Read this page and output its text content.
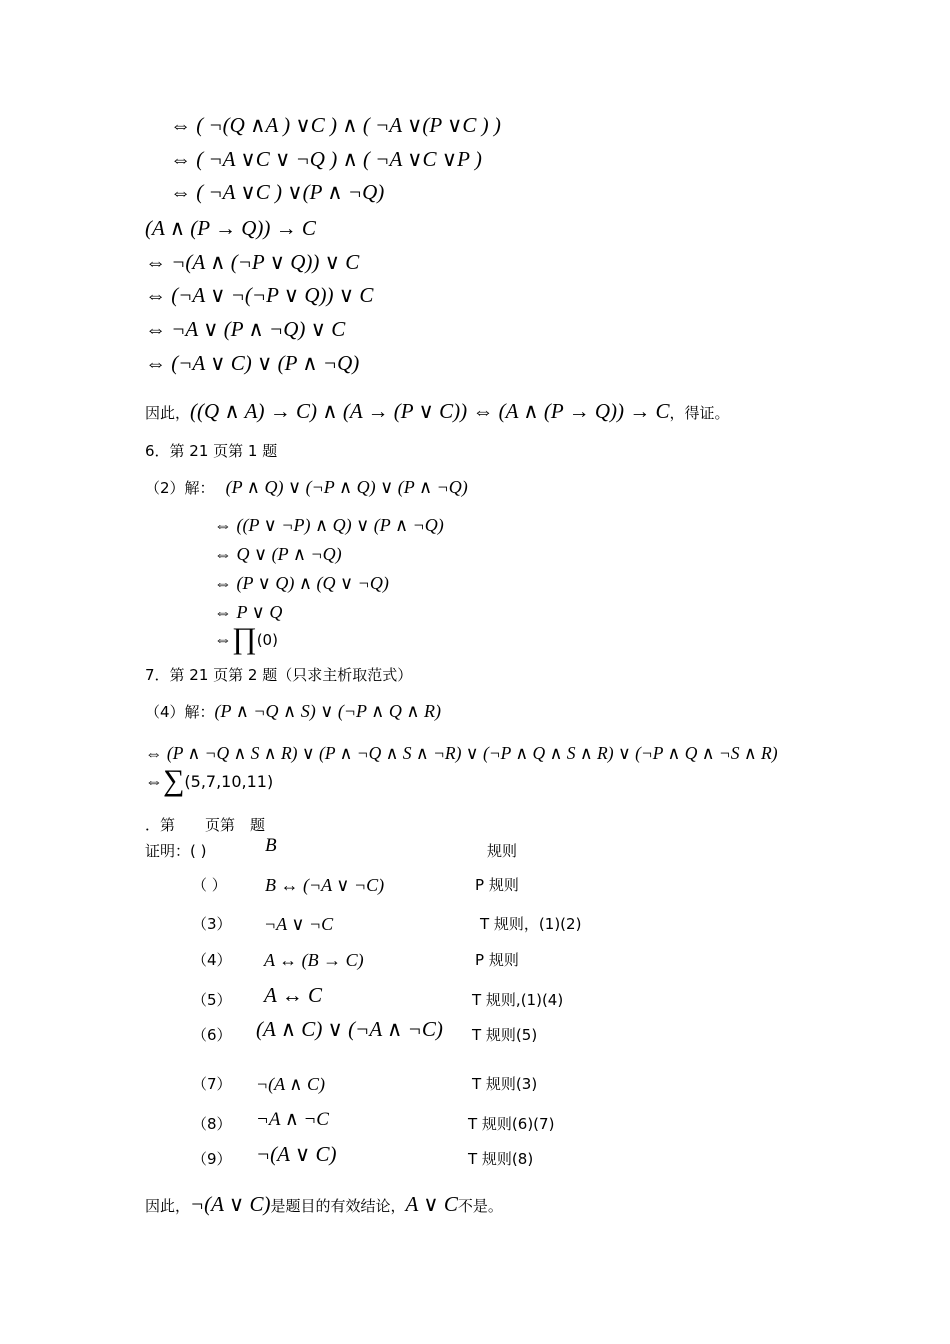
⇔ ( ¬(Q ∧A ) ∨C ) ∧ ( ¬A ∨(P ∨C ) )
⇔ ( ¬A ∨C ∨ ¬Q ) ∧ ( ¬A ∨C ∨P )
⇔ ( ¬A ∨C ) ∨(P ∧ ¬Q)
(A ∧ (P → Q)) → C
⇔ ¬(A ∧ (¬P ∨ Q)) ∨ C
⇔ (¬A ∨ ¬(¬P ∨ Q)) ∨ C
⇔ ¬A ∨ (P ∧ ¬Q) ∨ C
⇔ (¬A ∨ C) ∨ (P ∧ ¬Q)
因此，((Q ∧ A) → C) ∧ (A → (P ∨ C)) ⇔ (A ∧ (P → Q)) → C，得证。
6．第 21 页第 1 题
（2）解： (P ∧ Q) ∨ (¬P ∧ Q) ∨ (P ∧ ¬Q)
⇔ ((P ∨ ¬P) ∧ Q) ∨ (P ∧ ¬Q)
⇔ Q ∨ (P ∧ ¬Q)
⇔ (P ∨ Q) ∧ (Q ∨ ¬Q)
⇔ P ∨ Q
⇔∏(0)
7．第 21 页第 2 题（只求主析取范式）
（4）解：(P ∧ ¬Q ∧ S) ∨ (¬P ∧ Q ∧ R)
⇔ (P ∧ ¬Q ∧ S ∧ R) ∨ (P ∧ ¬Q ∧ S ∧ ¬R) ∨ (¬P ∧ Q ∧ S ∧ R) ∨ (¬P ∧ Q ∧ ¬S ∧ R)
⇔∑(5,7,10,11)
．第　　页第　题
证明：( )	B	规则
（ ） B ↔ (¬A ∨ ¬C)	P 规则
（3） ¬A ∨ ¬C	T 规则，(1)(2)
（4） A ↔ (B → C)	P 规则
（5） A ↔ C	T 规则,(1)(4)
（6） (A ∧ C) ∨ (¬A ∧ ¬C) T 规则(5)
（7） ¬(A ∧ C)	T 规则(3)
（8） ¬A ∧ ¬C	T 规则(6)(7)
（9） ¬(A ∨ C)	T 规则(8)
因此，¬(A ∨ C)是题目的有效结论，A ∨ C不是。
